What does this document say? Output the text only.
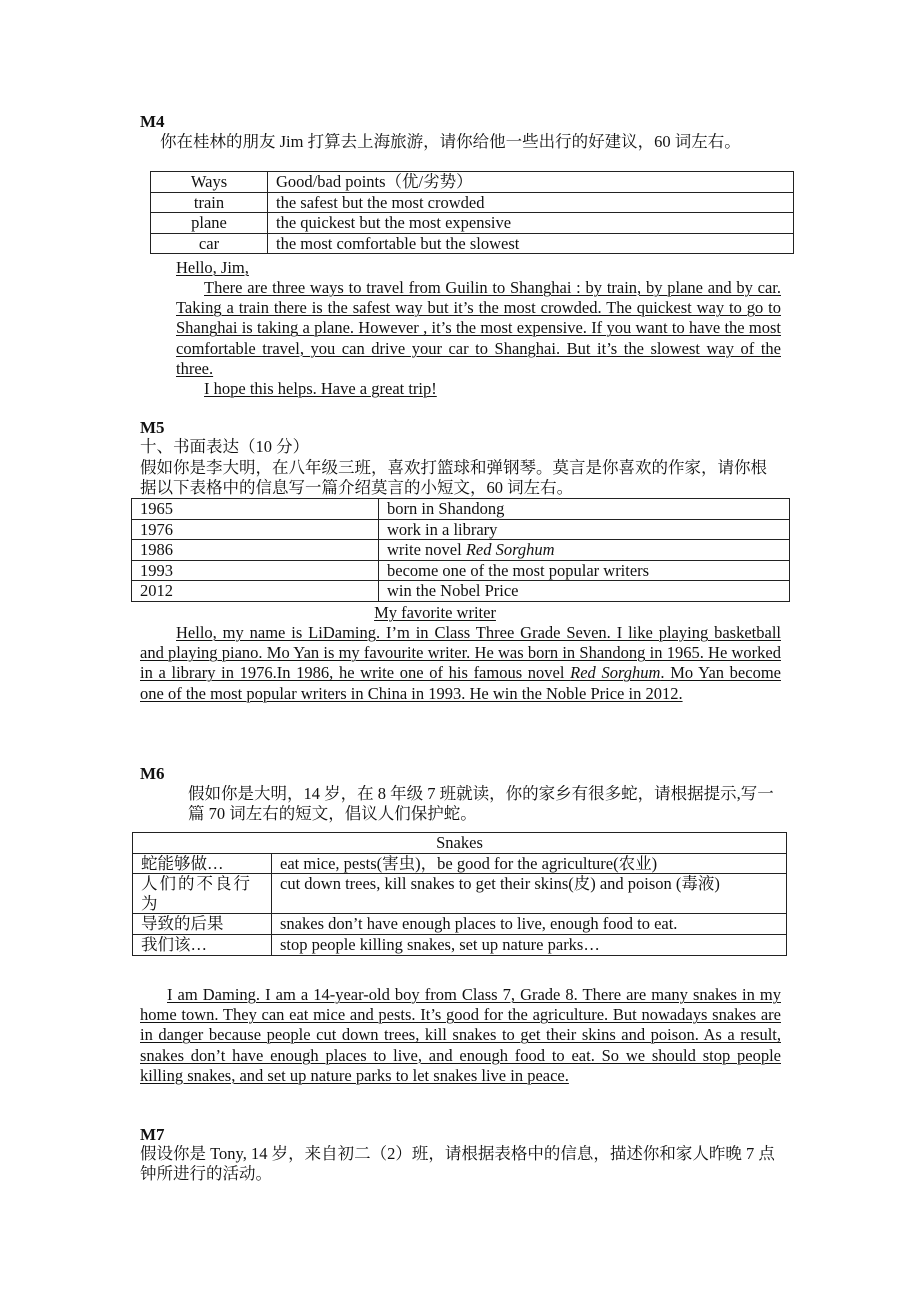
M4
你在桂林的朋友 Jim 打算去上海旅游，请你给他一些出行的好建议，60 词左右。
Ways	Good/bad points（优/劣势）
train	the safest but the most crowded
plane	the quickest but the most expensive
car	the most comfortable but the slowest
Hello, Jim,
There are three ways to travel from Guilin to Shanghai : by train, by plane and by car. Taking a train there is the safest way but it’s the most crowded. The quickest way to go to Shanghai is taking a plane. However , it’s the most expensive. If you want to have the most comfortable travel, you can drive your car to Shanghai. But it’s the slowest way of the three.
I hope this helps. Have a great trip!
M5
十、书面表达（10 分）
假如你是李大明，在八年级三班，喜欢打篮球和弹钢琴。莫言是你喜欢的作家，请你根据以下表格中的信息写一篇介绍莫言的小短文，60 词左右。
1965	born in Shandong
1976	work in a library
1986	write novel Red Sorghum
1993	become one of the most popular writers
2012	win the Nobel Price
My favorite writer
Hello, my name is LiDaming. I’m in Class Three Grade Seven. I like playing basketball and playing piano. Mo Yan is my favourite writer. He was born in Shandong in 1965. He worked in a library in 1976.In 1986, he write one of his famous novel Red Sorghum. Mo Yan become one of the most popular writers in China in 1993. He win the Noble Price in 2012.
M6
假如你是大明，14 岁，在 8 年级 7 班就读，你的家乡有很多蛇，请根据提示,写一篇 70 词左右的短文，倡议人们保护蛇。
Snakes	
蛇能够做…	eat mice, pests(害虫)，be good for the agriculture(农业)
人们的不良行为	cut down trees, kill snakes to get their skins(皮) and poison (毒液)
导致的后果	snakes don’t have enough places to live, enough food to eat.
我们该…	stop people killing snakes, set up nature parks…
I am Daming. I am a 14-year-old boy from Class 7, Grade 8. There are many snakes in my home town. They can eat mice and pests. It’s good for the agriculture. But nowadays snakes are in danger because people cut down trees, kill snakes to get their skins and poison. As a result, snakes don’t have enough places to live, and enough food to eat. So we should stop people killing snakes, and set up nature parks to let snakes live in peace.
M7
假设你是 Tony, 14 岁，来自初二（2）班，请根据表格中的信息，描述你和家人昨晚 7 点钟所进行的活动。
